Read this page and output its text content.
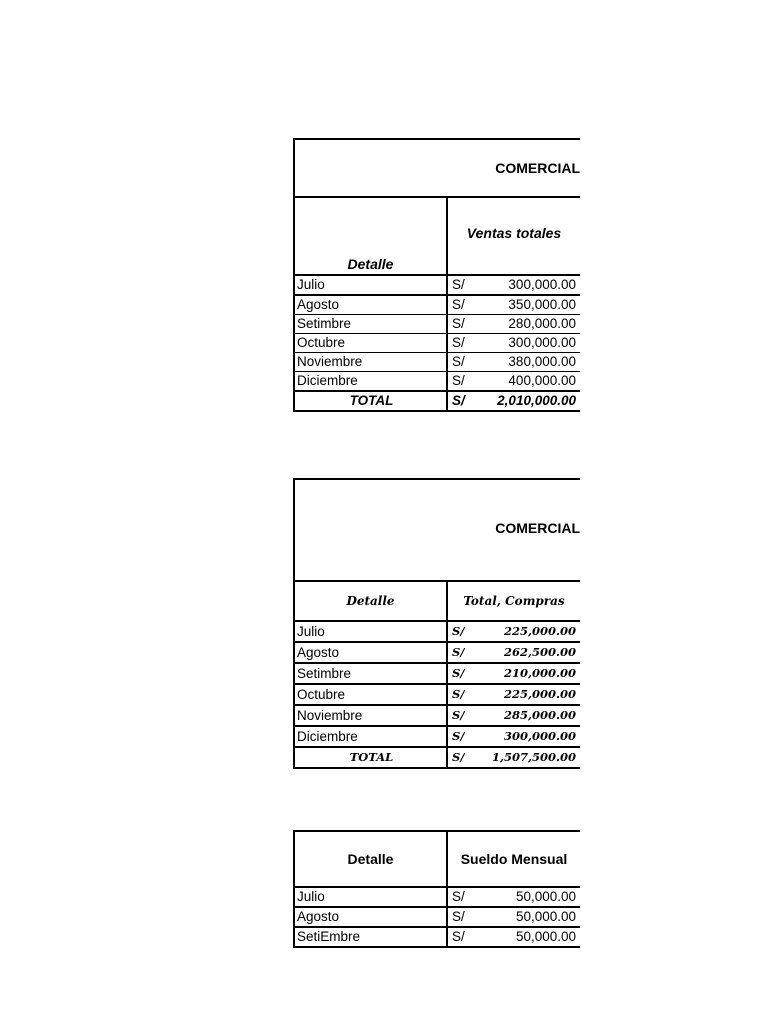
COMERCIAL	
Detalle	Ventas totales
Julio	S/ 300,000.00

Agosto	S/ 350,000.00

Setimbre	S/ 280,000.00

Octubre	S/ 300,000.00

Noviembre	S/ 380,000.00

Diciembre	S/ 400,000.00

TOTAL	S/ 2,010,000.00
COMERCIAL	
Detalle	Total, Compras
Julio	S/ 225,000.00

Agosto	S/ 262,500.00

Setimbre	S/ 210,000.00

Octubre	S/ 225,000.00

Noviembre	S/ 285,000.00

Diciembre	S/ 300,000.00

TOTAL	S/ 1,507,500.00
Detalle	Sueldo Mensual
Julio	S/ 50,000.00

Agosto	S/ 50,000.00

SetiEmbre	S/ 50,000.00
